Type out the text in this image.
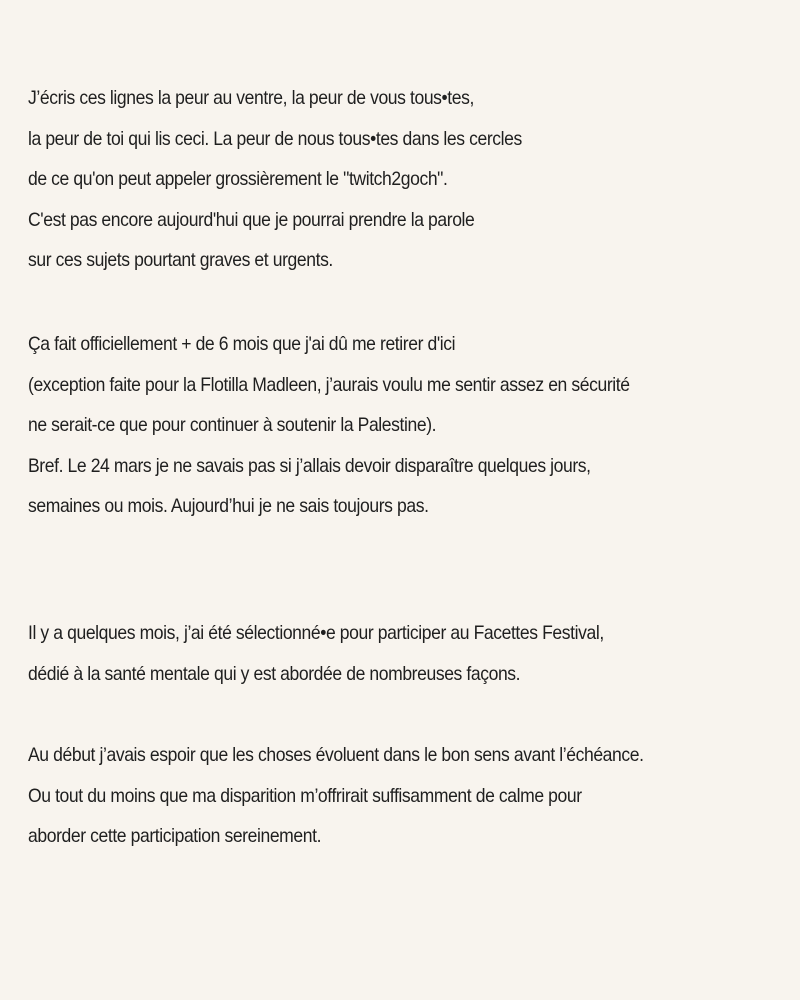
J’écris ces lignes la peur au ventre, la peur de vous tous•tes,
la peur de toi qui lis ceci. La peur de nous tous•tes dans les cercles
de ce qu'on peut appeler grossièrement le "twitch2goch".
C'est pas encore aujourd'hui que je pourrai prendre la parole
sur ces sujets pourtant graves et urgents.
Ça fait officiellement + de 6 mois que j'ai dû me retirer d'ici
(exception faite pour la Flotilla Madleen, j’aurais voulu me sentir assez en sécurité
ne serait-ce que pour continuer à soutenir la Palestine).
Bref. Le 24 mars je ne savais pas si j’allais devoir disparaître quelques jours,
semaines ou mois. Aujourd’hui je ne sais toujours pas.
Il y a quelques mois, j’ai été sélectionné•e pour participer au Facettes Festival,
dédié à la santé mentale qui y est abordée de nombreuses façons.
Au début j’avais espoir que les choses évoluent dans le bon sens avant l’échéance.
Ou tout du moins que ma disparition m’offrirait suffisamment de calme pour
aborder cette participation sereinement.
